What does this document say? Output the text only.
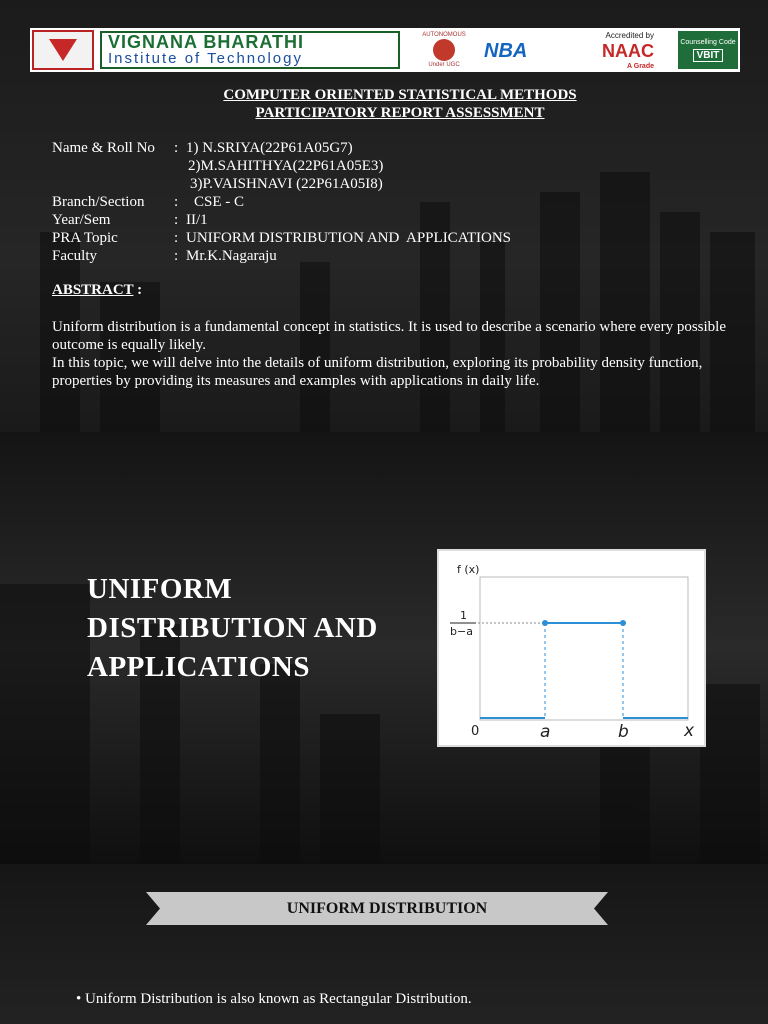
VIGNANA BHARATHI
Institute of Technology
AUTONOMOUS
Under UGC
Accredited by
NBA	NAAC
A Grade
Counselling Code
VBIT
COMPUTER ORIENTED STATISTICAL METHODS
PARTICIPATORY REPORT ASSESSMENT
Name & Roll No	: 1) N.SRIYA(22P61A05G7)
2)M.SAHITHYA(22P61A05E3)
3)P.VAISHNAVI (22P61A05I8)
Branch/Section	:	CSE - C
Year/Sem	: II/1
PRA Topic	: UNIFORM DISTRIBUTION AND  APPLICATIONS
Faculty	: Mr.K.Nagaraju
ABSTRACT :
Uniform distribution is a fundamental concept in statistics. It is used to describe a scenario where every possible outcome is equally likely.
In this topic, we will delve into the details of uniform distribution, exploring its probability density function, properties by providing its measures and examples with applications in daily life.
UNIFORM
DISTRIBUTION AND
APPLICATIONS
f (x)
1
b−a
0	a	b	x
UNIFORM DISTRIBUTION
• Uniform Distribution is also known as Rectangular Distribution.
